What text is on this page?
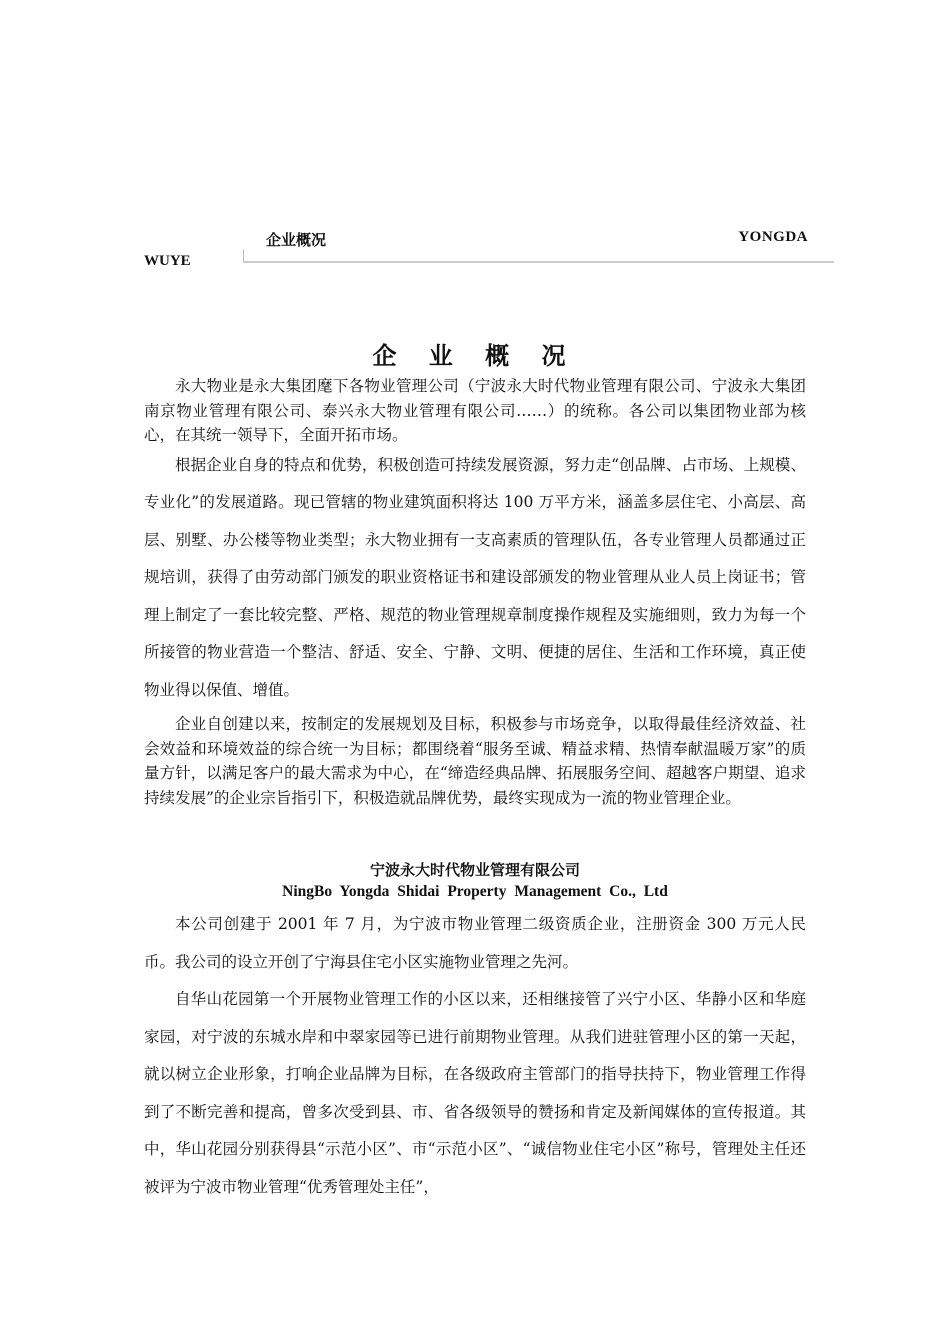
企业概况	YONGDA
WUYE
企 业 概 况

永大物业是永大集团麾下各物业管理公司（宁波永大时代物业管理有限公司、宁波永大集团南京物业管理有限公司、泰兴永大物业管理有限公司……）的统称。各公司以集团物业部为核心，在其统一领导下，全面开拓市场。

根据企业自身的特点和优势，积极创造可持续发展资源，努力走“创品牌、占市场、上规模、专业化”的发展道路。现已管辖的物业建筑面积将达 100 万平方米，涵盖多层住宅、小高层、高层、别墅、办公楼等物业类型；永大物业拥有一支高素质的管理队伍，各专业管理人员都通过正规培训，获得了由劳动部门颁发的职业资格证书和建设部颁发的物业管理从业人员上岗证书；管理上制定了一套比较完整、严格、规范的物业管理规章制度操作规程及实施细则，致力为每一个所接管的物业营造一个整洁、舒适、安全、宁静、文明、便捷的居住、生活和工作环境，真正使物业得以保值、增值。

企业自创建以来，按制定的发展规划及目标，积极参与市场竞争，以取得最佳经济效益、社会效益和环境效益的综合统一为目标；都围绕着“服务至诚、精益求精、热情奉献温暖万家”的质量方针，以满足客户的最大需求为中心，在“缔造经典品牌、拓展服务空间、超越客户期望、追求持续发展”的企业宗旨指引下，积极造就品牌优势，最终实现成为一流的物业管理企业。

宁波永大时代物业管理有限公司
NingBo Yongda Shidai Property Management Co., Ltd

本公司创建于 2001 年 7 月，为宁波市物业管理二级资质企业，注册资金 300 万元人民币。我公司的设立开创了宁海县住宅小区实施物业管理之先河。

自华山花园第一个开展物业管理工作的小区以来，还相继接管了兴宁小区、华静小区和华庭家园，对宁波的东城水岸和中翠家园等已进行前期物业管理。从我们进驻管理小区的第一天起，就以树立企业形象，打响企业品牌为目标，在各级政府主管部门的指导扶持下，物业管理工作得到了不断完善和提高，曾多次受到县、市、省各级领导的赞扬和肯定及新闻媒体的宣传报道。其中，华山花园分别获得县“示范小区”、市“示范小区”、“诚信物业住宅小区”称号，管理处主任还被评为宁波市物业管理“优秀管理处主任”，
